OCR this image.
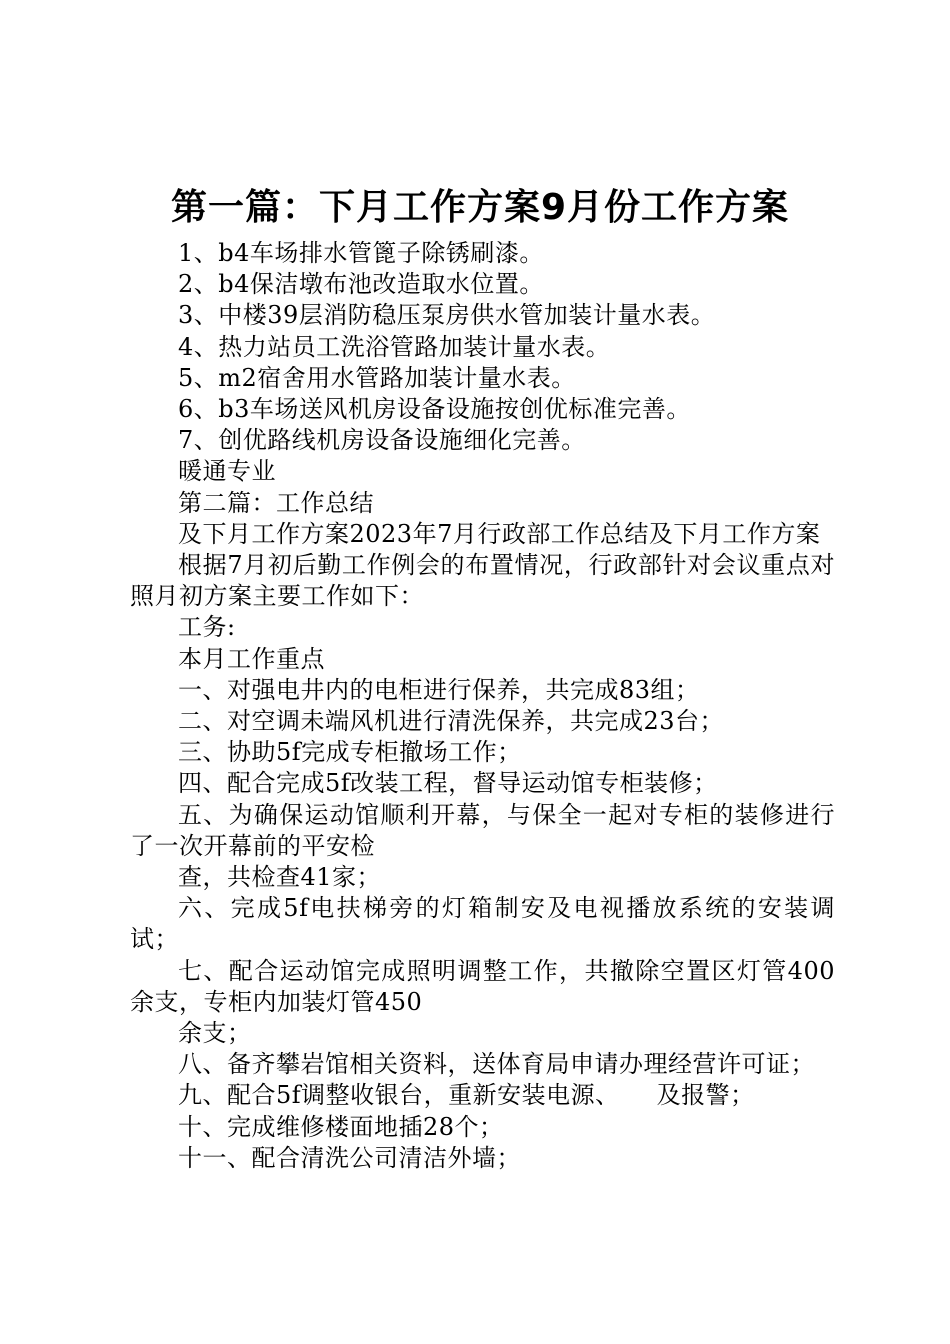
第一篇：下月工作方案9月份工作方案

1、b4车场排水管篦子除锈刷漆。

2、b4保洁墩布池改造取水位置。

3、中楼39层消防稳压泵房供水管加装计量水表。

4、热力站员工洗浴管路加装计量水表。

5、m2宿舍用水管路加装计量水表。

6、b3车场送风机房设备设施按创优标准完善。

7、创优路线机房设备设施细化完善。

暖通专业

第二篇：工作总结

及下月工作方案2023年7月行政部工作总结及下月工作方案

根据7月初后勤工作例会的布置情况，行政部针对会议重点对照月初方案主要工作如下：

工务:

本月工作重点

一、对强电井内的电柜进行保养，共完成83组；

二、对空调未端风机进行清洗保养，共完成23台；

三、协助5f完成专柜撤场工作；

四、配合完成5f改装工程，督导运动馆专柜装修；

五、为确保运动馆顺利开幕，与保全一起对专柜的装修进行了一次开幕前的平安检

查，共检查41家；

六、完成5f电扶梯旁的灯箱制安及电视播放系统的安装调试；

七、配合运动馆完成照明调整工作，共撤除空置区灯管400余支，专柜内加装灯管450

余支；

八、备齐攀岩馆相关资料，送体育局申请办理经营许可证；

九、配合5f调整收银台，重新安装电源、　　及报警；

十、完成维修楼面地插28个；

十一、配合清洗公司清洁外墙；
